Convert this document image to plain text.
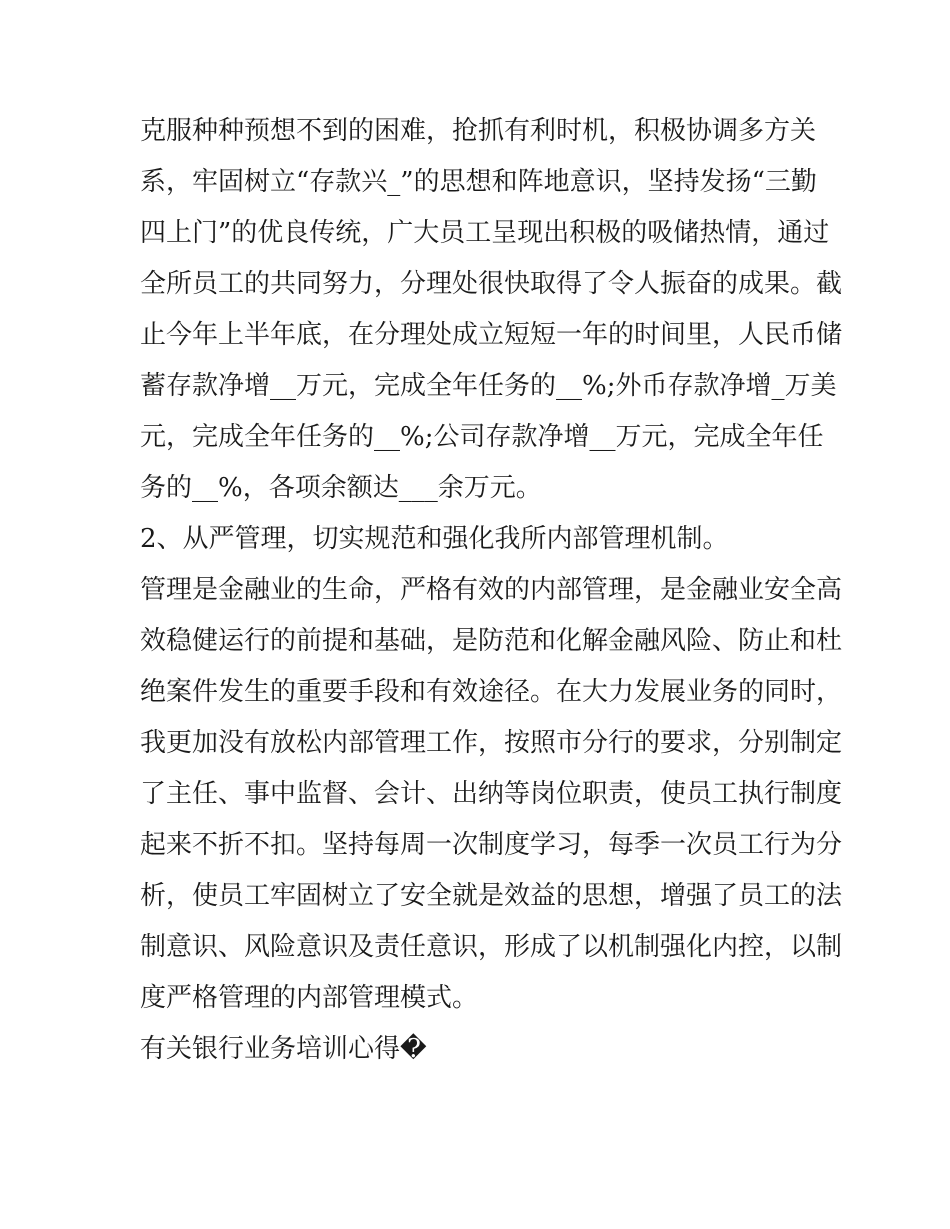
克服种种预想不到的困难，抢抓有利时机，积极协调多方关
系，牢固树立“存款兴_”的思想和阵地意识，坚持发扬“三勤
四上门”的优良传统，广大员工呈现出积极的吸储热情，通过
全所员工的共同努力，分理处很快取得了令人振奋的成果。截
止今年上半年底，在分理处成立短短一年的时间里，人民币储
蓄存款净增__万元，完成全年任务的__%;外币存款净增_万美
元，完成全年任务的__%;公司存款净增__万元，完成全年任
务的__%，各项余额达___余万元。
2、从严管理，切实规范和强化我所内部管理机制。
管理是金融业的生命，严格有效的内部管理，是金融业安全高
效稳健运行的前提和基础，是防范和化解金融风险、防止和杜
绝案件发生的重要手段和有效途径。在大力发展业务的同时，
我更加没有放松内部管理工作，按照市分行的要求，分别制定
了主任、事中监督、会计、出纳等岗位职责，使员工执行制度
起来不折不扣。坚持每周一次制度学习，每季一次员工行为分
析，使员工牢固树立了安全就是效益的思想，增强了员工的法
制意识、风险意识及责任意识，形成了以机制强化内控，以制
度严格管理的内部管理模式。
有关银行业务培训心得�
